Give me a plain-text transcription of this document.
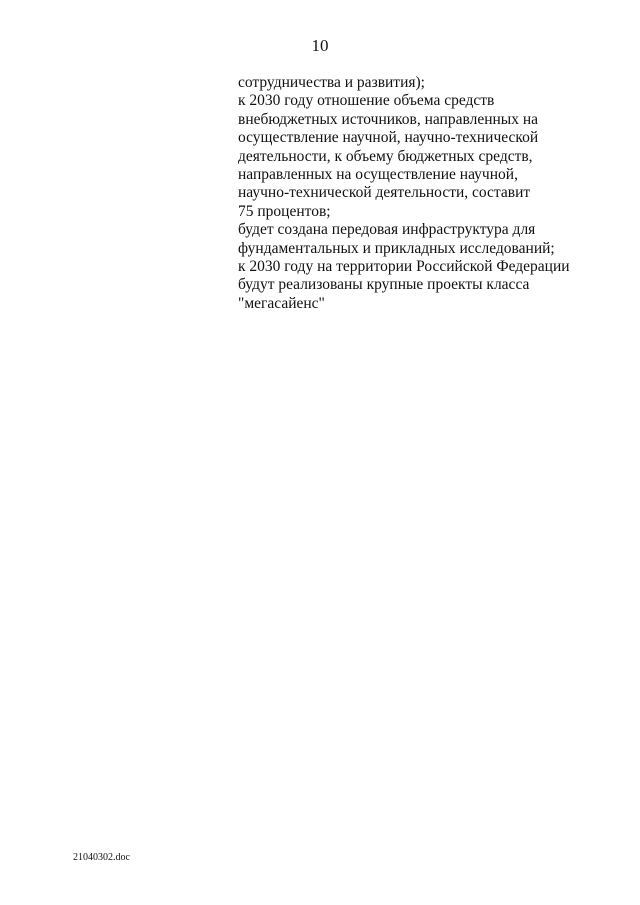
10
сотрудничества и развития);
к 2030 году отношение объема средств
внебюджетных источников, направленных на
осуществление научной, научно-технической
деятельности, к объему бюджетных средств,
направленных на осуществление научной,
научно-технической деятельности, составит
75 процентов;
будет создана передовая инфраструктура для
фундаментальных и прикладных исследований;
к 2030 году на территории Российской Федерации
будут реализованы крупные проекты класса
"мегасайенс"
21040302.doc
